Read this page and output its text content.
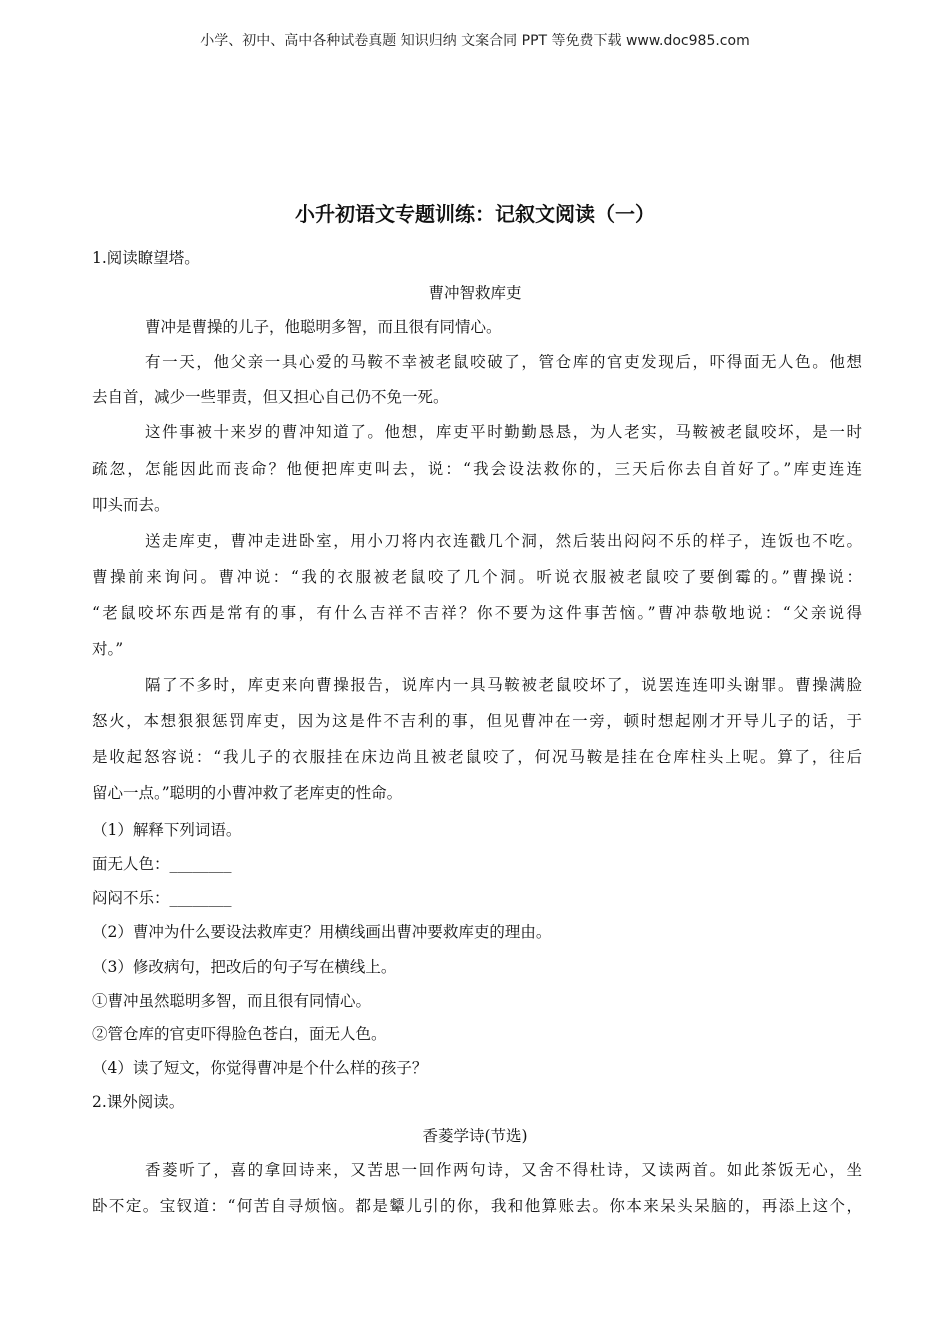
小学、初中、高中各种试卷真题 知识归纳 文案合同 PPT 等免费下载 www.doc985.com
小升初语文专题训练：记叙文阅读（一）
1.阅读瞭望塔。
曹冲智救库吏
曹冲是曹操的儿子，他聪明多智，而且很有同情心。
有一天，他父亲一具心爱的马鞍不幸被老鼠咬破了，管仓库的官吏发现后，吓得面无人色。他想
去自首，减少一些罪责，但又担心自己仍不免一死。
这件事被十来岁的曹冲知道了。他想，库吏平时勤勤恳恳，为人老实，马鞍被老鼠咬坏，是一时
疏忽，怎能因此而丧命？他便把库吏叫去，说：“我会设法救你的，三天后你去自首好了。”库吏连连
叩头而去。
送走库吏，曹冲走进卧室，用小刀将内衣连戳几个洞，然后装出闷闷不乐的样子，连饭也不吃。
曹操前来询问。曹冲说：“我的衣服被老鼠咬了几个洞。听说衣服被老鼠咬了要倒霉的。”曹操说：
“老鼠咬坏东西是常有的事，有什么吉祥不吉祥？你不要为这件事苦恼。”曹冲恭敬地说：“父亲说得
对。”
隔了不多时，库吏来向曹操报告，说库内一具马鞍被老鼠咬坏了，说罢连连叩头谢罪。曹操满脸
怒火，本想狠狠惩罚库吏，因为这是件不吉利的事，但见曹冲在一旁，顿时想起刚才开导儿子的话，于
是收起怒容说：“我儿子的衣服挂在床边尚且被老鼠咬了，何况马鞍是挂在仓库柱头上呢。算了，往后
留心一点。”聪明的小曹冲救了老库吏的性命。
（1）解释下列词语。
面无人色：________
闷闷不乐：________
（2）曹冲为什么要设法救库吏？用横线画出曹冲要救库吏的理由。
（3）修改病句，把改后的句子写在横线上。
①曹冲虽然聪明多智，而且很有同情心。
②管仓库的官吏吓得脸色苍白，面无人色。
（4）读了短文，你觉得曹冲是个什么样的孩子？
2.课外阅读。
香菱学诗(节选)
香菱听了，喜的拿回诗来，又苦思一回作两句诗，又舍不得杜诗，又读两首。如此茶饭无心，坐
卧不定。宝钗道：“何苦自寻烦恼。都是颦儿引的你，我和他算账去。你本来呆头呆脑的，再添上这个，
